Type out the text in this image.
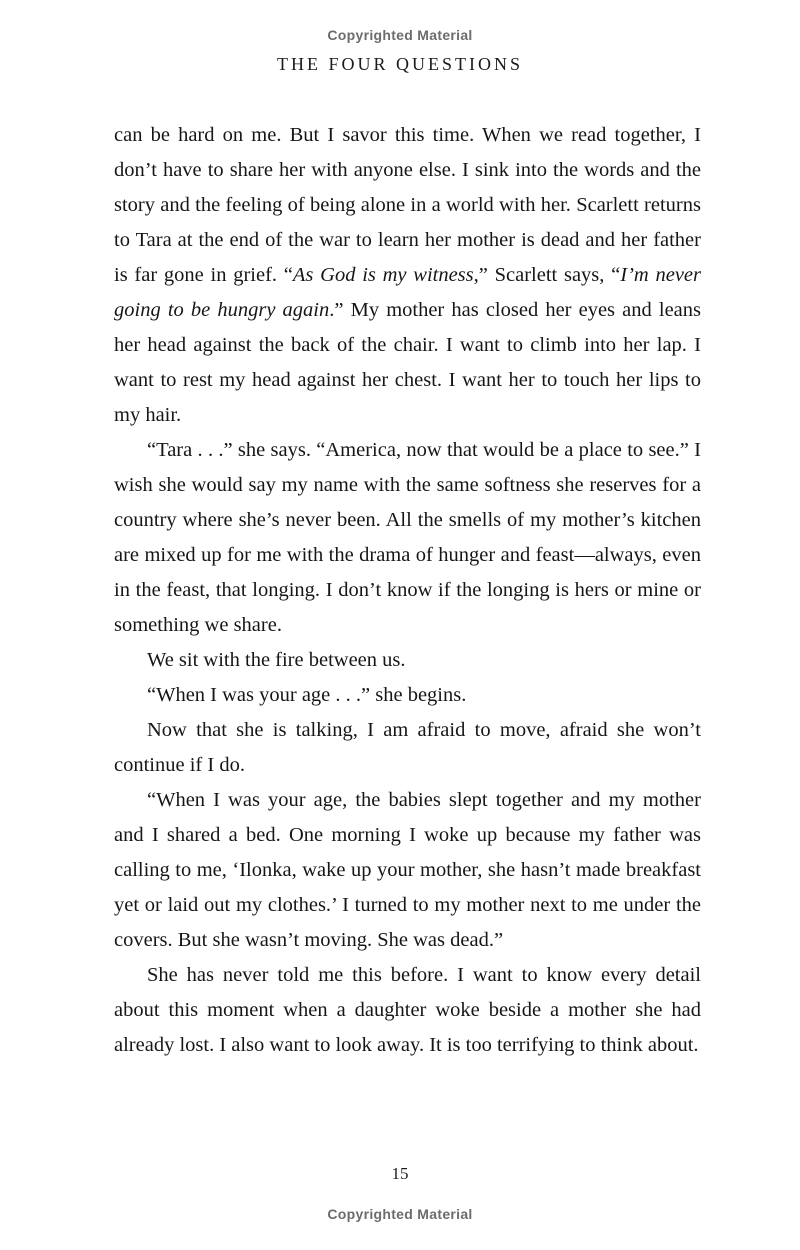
Copyrighted Material
THE FOUR QUESTIONS

can be hard on me. But I savor this time. When we read together, I don’t have to share her with anyone else. I sink into the words and the story and the feeling of being alone in a world with her. Scarlett returns to Tara at the end of the war to learn her mother is dead and her father is far gone in grief. “As God is my witness,” Scarlett says, “I’m never going to be hungry again.” My mother has closed her eyes and leans her head against the back of the chair. I want to climb into her lap. I want to rest my head against her chest. I want her to touch her lips to my hair.

“Tara . . .” she says. “America, now that would be a place to see.” I wish she would say my name with the same softness she reserves for a country where she’s never been. All the smells of my mother’s kitchen are mixed up for me with the drama of hunger and feast—always, even in the feast, that longing. I don’t know if the longing is hers or mine or something we share.

We sit with the fire between us.

“When I was your age . . .” she begins.

Now that she is talking, I am afraid to move, afraid she won’t continue if I do.

“When I was your age, the babies slept together and my mother and I shared a bed. One morning I woke up because my father was calling to me, ‘Ilonka, wake up your mother, she hasn’t made breakfast yet or laid out my clothes.’ I turned to my mother next to me under the covers. But she wasn’t moving. She was dead.”

She has never told me this before. I want to know every detail about this moment when a daughter woke beside a mother she had already lost. I also want to look away. It is too terrifying to think about.

15
Copyrighted Material
